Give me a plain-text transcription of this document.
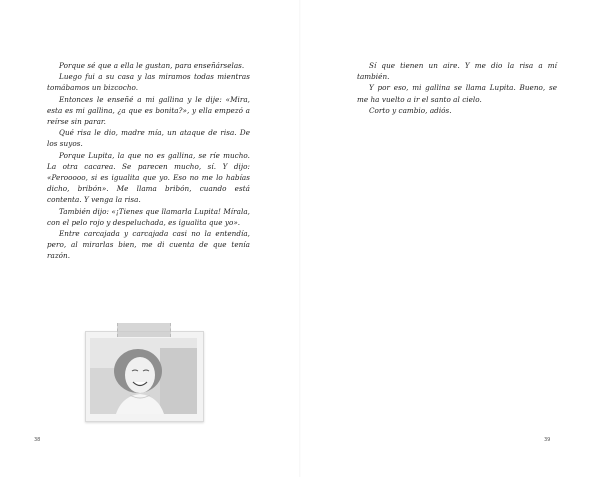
Porque sé que a ella le gustan, para enseñárselas.

Luego fui a su casa y las miramos todas mientras tomábamos un bizcocho.

Entonces le enseñé a mi gallina y le dije: «Mira, esta es mi gallina, ¿a que es bonita?», y ella empezó a reírse sin parar.

Qué risa le dio, madre mía, un ataque de risa. De los suyos.

Porque Lupita, la que no es gallina, se ríe mucho. La otra cacarea. Se parecen mucho, sí. Y dijo: «Perooooo, si es igualita que yo. Eso no me lo habías dicho, bribón». Me llama bribón, cuando está contenta. Y venga la risa.

También dijo: «¡Tienes que llamarla Lupita! Mírala, con el pelo rojo y despeluchada, es igualita que yo».

Entre carcajada y carcajada casi no la entendía, pero, al mirarlas bien, me di cuenta de que tenía razón.

38

Sí que tienen un aire. Y me dio la risa a mí también.

Y por eso, mi gallina se llama Lupita. Bueno, se me ha vuelto a ir el santo al cielo.

Corto y cambio, adiós.

39
